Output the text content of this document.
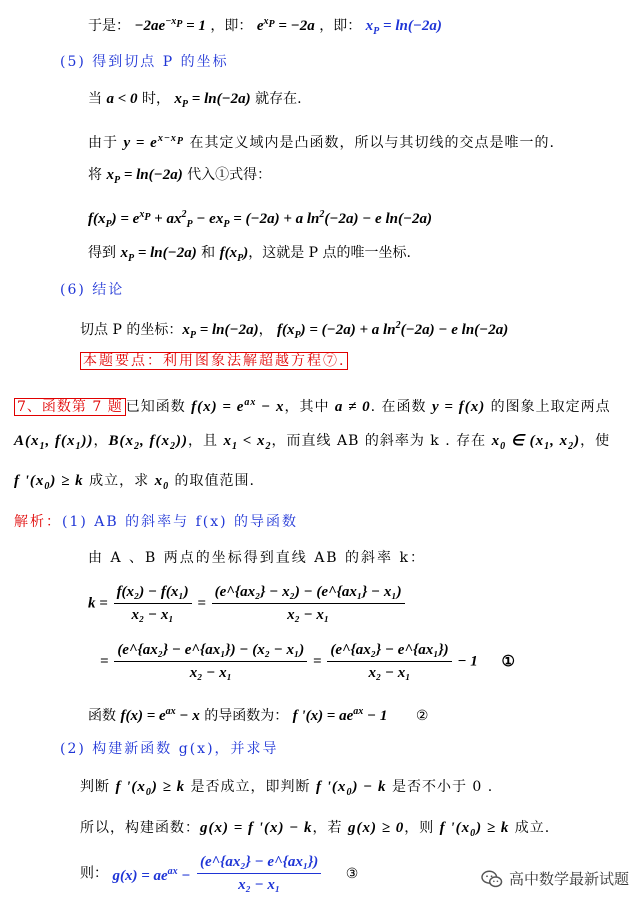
于是： $-2ae^{-xP} = 1$ ，即： $e^{xP} = -2a$ ，即： $x_P = \ln(-2a)$
(5) 得到切点 P 的坐标
当 a < 0 时， $x_P = \ln(-2a)$ 就存在.
由于 $y = e^{x-xP}$ 在其定义域内是凸函数，所以与其切线的交点是唯一的.
将 $x_P = \ln(-2a)$ 代入①式得：
$f(x_P) = e^{xP} + ax^2_P - ex_P = (-2a) + a$ $\ln^2(-2a) - e$ ln(−2a)
得到 $x_P = \ln(-2a)$ 和 $f(x_P)$，这就是 P 点的唯一坐标.
(6) 结论
切点 P 的坐标：$x_P = \ln(-2a)$， $f(x_P) = (-2a) + a$ $\ln^2(-2a) - e$ ln(−2a)
本题要点：利用图象法解超越方程⑦.
7、函数第 7 题 已知函数 $f(x) = e^{ax} - x$，其中 a ≠ 0. 在函数 y = f(x) 的图象上取定两点
$A(x_1$, $f(x_1)$)，$B(x_2$, $f(x_2)$)，且 $x_1 < x_2$，而直线 AB 的斜率为 k . 存在 $x_0$ ∈ ($x_1$, $x_2$)，使
f '$(x_0) \ge k$ 成立，求 $x_0$ 的取值范围.
解析：(1) AB 的斜率与 f(x) 的导函数
由 A 、B 两点的坐标得到直线 AB 的斜率 k：
$k = \frac{\text{f(x₂) − f(x₁)}}{\text{x₂ − x₁}} = \frac{\text{(e\textasciicircum{}\{ax₂\} − x₂) − (e\textasciicircum{}\{ax₁\} − x₁)}}{\text{x₂ − x₁}}$
= $\frac{\text{(e\textasciicircum{}\{ax₂\} − e\textasciicircum{}\{ax₁\}) − (x₂ − x₁)}}{\text{x₂ − x₁}} = \frac{\text{(e\textasciicircum{}\{ax₂\} − e\textasciicircum{}\{ax₁\})}}{\text{x₂ − x₁}} - 1$ ①
函数 $f(x) = e^{ax} - x$ 的导函数为： f '$(x) = ae^{ax} - 1$ ②
(2) 构建新函数 g(x)，并求导
判断 f '$(x_0) \ge k$ 是否成立，即判断 f '$(x_0) - k$ 是否不小于 0 .
所以，构建函数：g(x) = f '(x) − k，若 g(x) ≥ 0，则 f '$(x_0) \ge k$ 成立.
则： $g(x) = ae^{ax} - \frac{\text{(e\textasciicircum{}\{ax₂\} − e\textasciicircum{}\{ax₁\})}}{\text{x₂ − x₁}}$ ③	高中数学最新试题
